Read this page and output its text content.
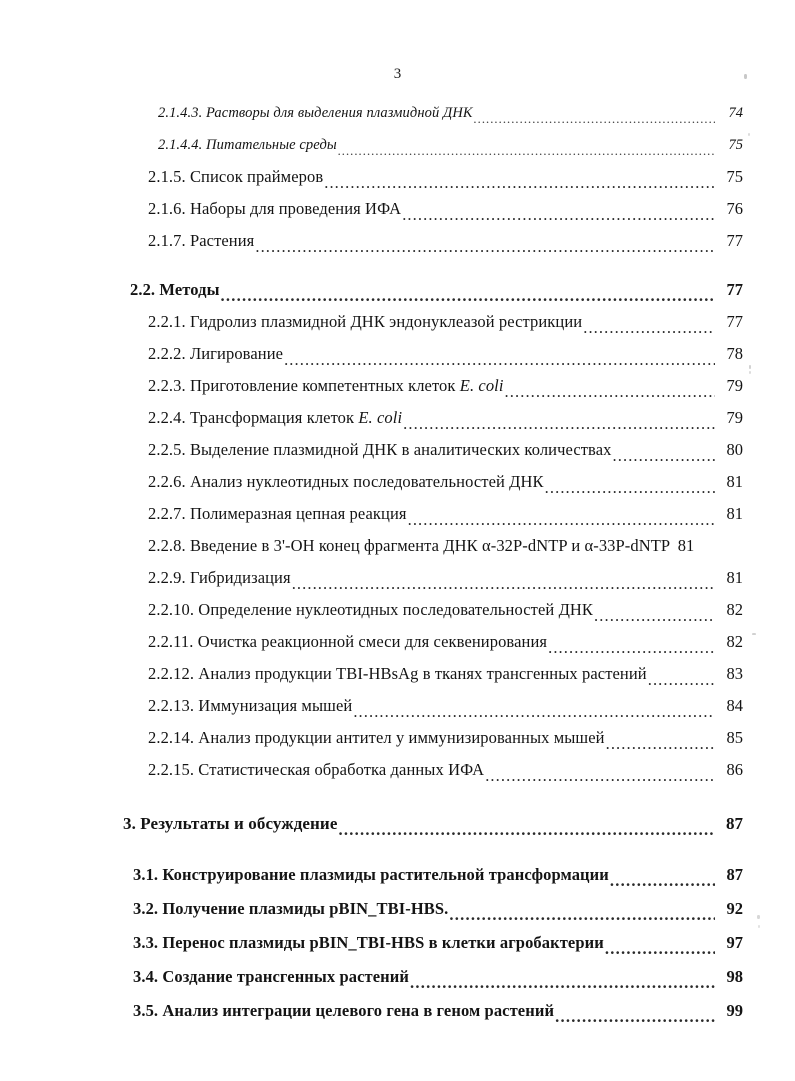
3
2.1.4.3. Растворы для выделения плазмидной ДНК .....	74
2.1.4.4. Питательные среды .....	75
2.1.5. Список праймеров .....	75
2.1.6. Наборы для проведения ИФА .....	76
2.1.7. Растения .....	77
2.2. Методы .....	77
2.2.1. Гидролиз плазмидной ДНК эндонуклеазой рестрикции .....	77
2.2.2. Лигирование .....	78
2.2.3. Приготовление компетентных клеток E. coli .....	79
2.2.4. Трансформация клеток E. coli .....	79
2.2.5. Выделение плазмидной ДНК в аналитических количествах .....	80
2.2.6. Анализ нуклеотидных последовательностей ДНК .....	81
2.2.7. Полимеразная цепная реакция .....	81
2.2.8. Введение в 3'-OH конец фрагмента ДНК α-32P-dNTP и α-33P-dNTP 81
2.2.9. Гибридизация .....	81
2.2.10. Определение нуклеотидных последовательностей ДНК .....	82
2.2.11. Очистка реакционной смеси для секвенирования .....	82
2.2.12. Анализ продукции TBI-HBsAg в тканях трансгенных растений .....	83
2.2.13. Иммунизация мышей .....	84
2.2.14. Анализ продукции антител у иммунизированных мышей .....	85
2.2.15. Статистическая обработка данных ИФА .....	86
3. Результаты и обсуждение .....	87
3.1. Конструирование плазмиды растительной трансформации .....	87
3.2. Получение плазмиды pBIN_TBI-HBS. .....	92
3.3. Перенос плазмиды pBIN_TBI-HBS в клетки агробактерии .....	97
3.4. Создание трансгенных растений .....	98
3.5. Анализ интеграции целевого гена в геном растений .....	99
